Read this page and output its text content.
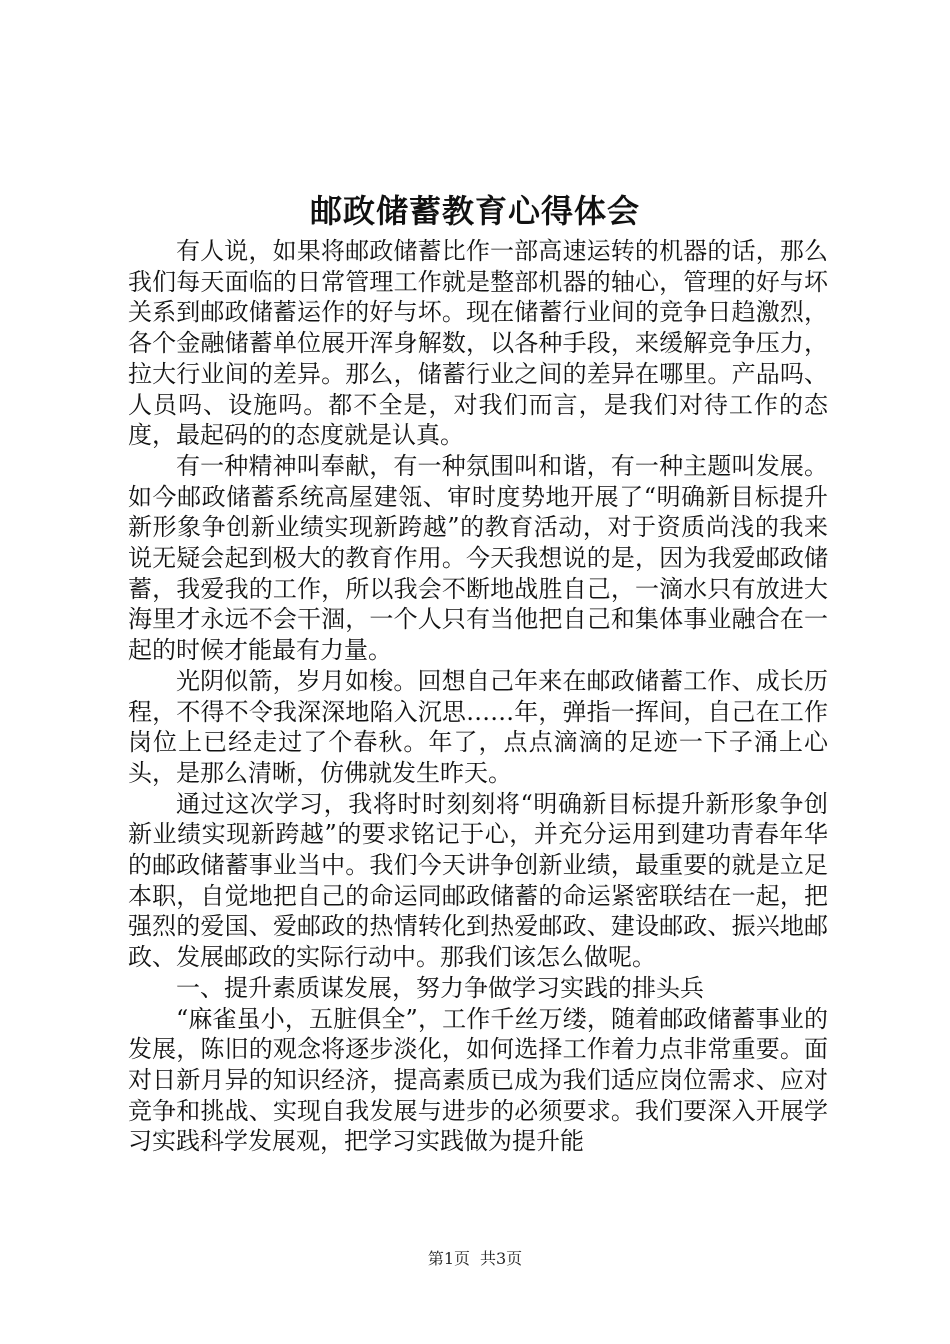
邮政储蓄教育心得体会

有人说，如果将邮政储蓄比作一部高速运转的机器的话，那么我们每天面临的日常管理工作就是整部机器的轴心，管理的好与坏关系到邮政储蓄运作的好与坏。现在储蓄行业间的竞争日趋激烈，各个金融储蓄单位展开浑身解数，以各种手段，来缓解竞争压力，拉大行业间的差异。那么，储蓄行业之间的差异在哪里。产品吗、人员吗、设施吗。都不全是，对我们而言，是我们对待工作的态度，最起码的的态度就是认真。

有一种精神叫奉献，有一种氛围叫和谐，有一种主题叫发展。如今邮政储蓄系统高屋建瓴、审时度势地开展了“明确新目标提升新形象争创新业绩实现新跨越”的教育活动，对于资质尚浅的我来说无疑会起到极大的教育作用。今天我想说的是，因为我爱邮政储蓄，我爱我的工作，所以我会不断地战胜自己，一滴水只有放进大海里才永远不会干涸，一个人只有当他把自己和集体事业融合在一起的时候才能最有力量。

光阴似箭，岁月如梭。回想自己年来在邮政储蓄工作、成长历程，不得不令我深深地陷入沉思……年，弹指一挥间，自己在工作岗位上已经走过了个春秋。年了，点点滴滴的足迹一下子涌上心头，是那么清晰，仿佛就发生昨天。

通过这次学习，我将时时刻刻将“明确新目标提升新形象争创新业绩实现新跨越”的要求铭记于心，并充分运用到建功青春年华的邮政储蓄事业当中。我们今天讲争创新业绩，最重要的就是立足本职，自觉地把自己的命运同邮政储蓄的命运紧密联结在一起，把强烈的爱国、爱邮政的热情转化到热爱邮政、建设邮政、振兴地邮政、发展邮政的实际行动中。那我们该怎么做呢。

一、提升素质谋发展，努力争做学习实践的排头兵

“麻雀虽小，五脏俱全”，工作千丝万缕，随着邮政储蓄事业的发展，陈旧的观念将逐步淡化，如何选择工作着力点非常重要。面对日新月异的知识经济，提高素质已成为我们适应岗位需求、应对竞争和挑战、实现自我发展与进步的必须要求。我们要深入开展学习实践科学发展观，把学习实践做为提升能

第1页 共3页
